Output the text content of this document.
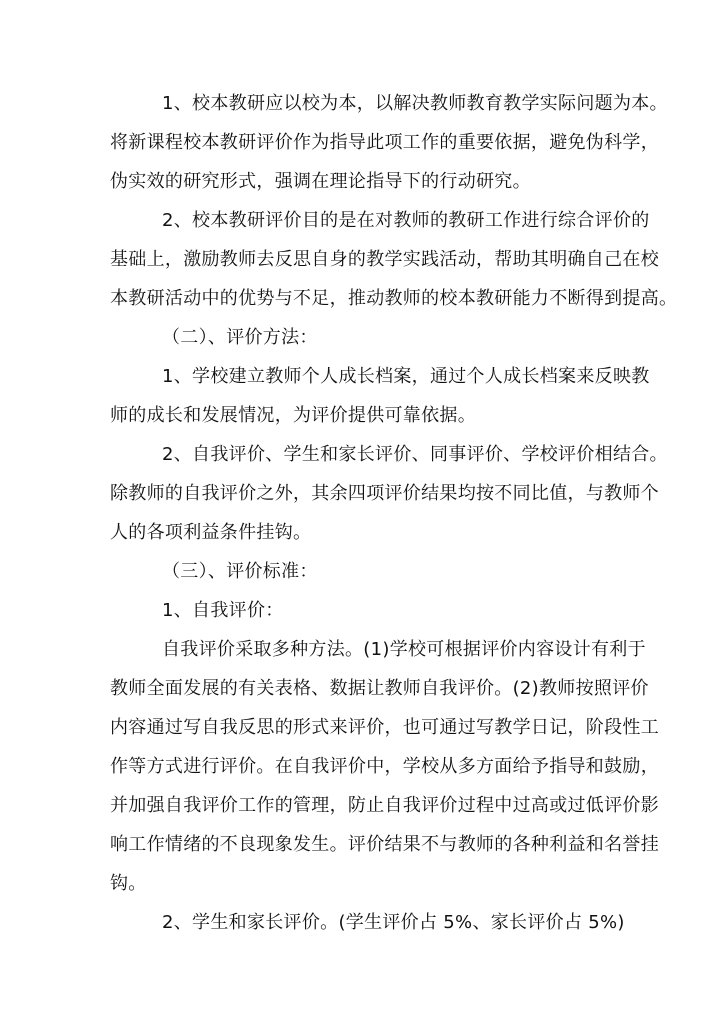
1、校本教研应以校为本，以解决教师教育教学实际问题为本。

将新课程校本教研评价作为指导此项工作的重要依据，避免伪科学，

伪实效的研究形式，强调在理论指导下的行动研究。

2、校本教研评价目的是在对教师的教研工作进行综合评价的

基础上，激励教师去反思自身的教学实践活动，帮助其明确自己在校

本教研活动中的优势与不足，推动教师的校本教研能力不断得到提高。

（二）、评价方法：

1、学校建立教师个人成长档案，通过个人成长档案来反映教

师的成长和发展情况，为评价提供可靠依据。

2、自我评价、学生和家长评价、同事评价、学校评价相结合。

除教师的自我评价之外，其余四项评价结果均按不同比值，与教师个

人的各项利益条件挂钩。

（三）、评价标准：

1、自我评价：

自我评价采取多种方法。(1)学校可根据评价内容设计有利于

教师全面发展的有关表格、数据让教师自我评价。(2)教师按照评价

内容通过写自我反思的形式来评价，也可通过写教学日记，阶段性工

作等方式进行评价。在自我评价中，学校从多方面给予指导和鼓励，

并加强自我评价工作的管理，防止自我评价过程中过高或过低评价影

响工作情绪的不良现象发生。评价结果不与教师的各种利益和名誉挂

钩。

2、学生和家长评价。(学生评价占 5%、家长评价占 5%)
